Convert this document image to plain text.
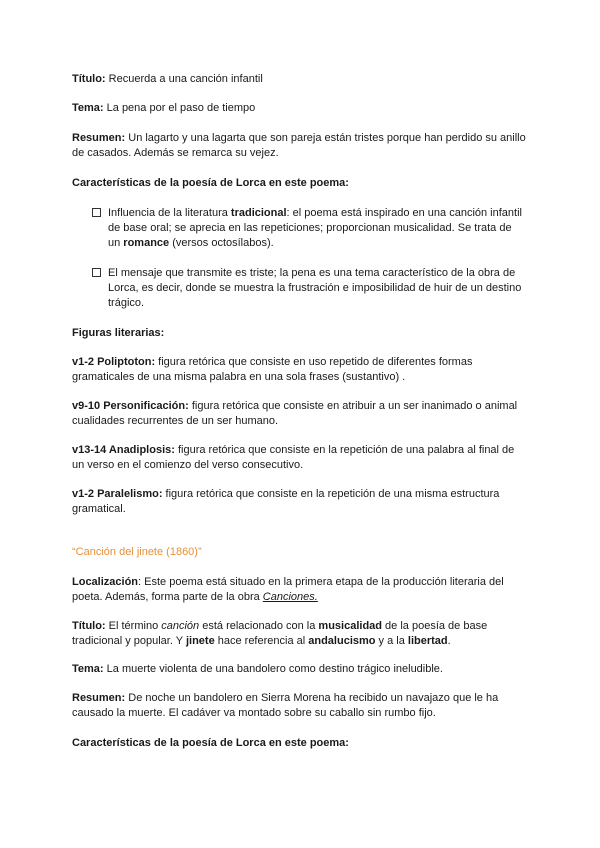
Título: Recuerda a una canción infantil

Tema: La pena por el paso de tiempo

Resumen: Un lagarto y una lagarta que son pareja están tristes porque han perdido su anillo de casados. Además se remarca su vejez.

Características de la poesía de Lorca en este poema:

Influencia de la literatura tradicional: el poema está inspirado en una canción infantil de base oral; se aprecia en las repeticiones; proporcionan musicalidad. Se trata de un romance (versos octosílabos).

El mensaje que transmite es triste; la pena es una tema característico de la obra de Lorca, es decir, donde se muestra la frustración e imposibilidad de huir de un destino trágico.

Figuras literarias:

v1-2 Poliptoton: figura retórica que consiste en uso repetido de diferentes formas gramaticales de una misma palabra en una sola frases (sustantivo) .

v9-10 Personificación: figura retórica que consiste en atribuir a un ser inanimado o animal cualidades recurrentes de un ser humano.

v13-14 Anadiplosis: figura retórica que consiste en la repetición de una palabra al final de un verso en el comienzo del verso consecutivo.

v1-2 Paralelismo: figura retórica que consiste en la repetición de una misma estructura gramatical.

“Canción del jinete (1860)”

Localización: Este poema está situado en la primera etapa de la producción literaria del poeta. Además, forma parte de la obra Canciones.

Título: El término canción está relacionado con la musicalidad de la poesía de base tradicional y popular. Y jinete hace referencia al andalucismo y a la libertad.

Tema: La muerte violenta de una bandolero como destino trágico ineludible.

Resumen: De noche un bandolero en Sierra Morena ha recibido un navajazo que le ha causado la muerte. El cadáver va montado sobre su caballo sin rumbo fijo.

Características de la poesía de Lorca en este poema:
